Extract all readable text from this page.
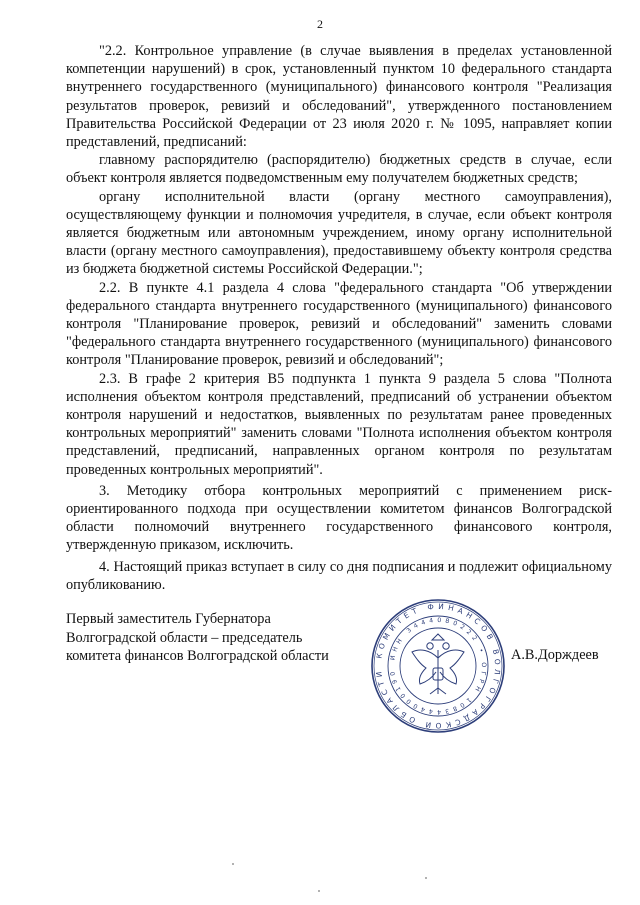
2

"2.2. Контрольное управление (в случае выявления в пределах установленной компетенции нарушений) в срок, установленный пунктом 10 федерального стандарта внутреннего государственного (муниципального) финансового контроля "Реализация результатов проверок, ревизий и обследований", утвержденного постановлением Правительства Российской Федерации от 23 июля 2020 г. № 1095, направляет копии представлений, предписаний:

главному распорядителю (распорядителю) бюджетных средств в случае, если объект контроля является подведомственным ему получателем бюджетных средств;

органу исполнительной власти (органу местного самоуправления), осуществляющему функции и полномочия учредителя, в случае, если объект контроля является бюджетным или автономным учреждением, иному органу исполнительной власти (органу местного самоуправления), предоставившему объекту контроля средства из бюджета бюджетной системы Российской Федерации.";

2.2. В пункте 4.1 раздела 4 слова "федерального стандарта "Об утверждении федерального стандарта внутреннего государственного (муниципального) финансового контроля "Планирование проверок, ревизий и обследований" заменить словами "федерального стандарта внутреннего государственного (муниципального) финансового контроля "Планирование проверок, ревизий и обследований";

2.3. В графе 2 критерия В5 подпункта 1 пункта 9 раздела 5 слова "Полнота исполнения объектом контроля представлений, предписаний об устранении объектом контроля нарушений и недостатков, выявленных по результатам ранее проведенных контрольных мероприятий" заменить словами "Полнота исполнения объектом контроля представлений, предписаний, направленных органом контроля по результатам проведенных контрольных мероприятий".

3. Методику отбора контрольных мероприятий с применением риск-ориентированного подхода при осуществлении комитетом финансов Волгоградской области полномочий внутреннего государственного финансового контроля, утвержденную приказом, исключить.

4. Настоящий приказ вступает в силу со дня подписания и подлежит официальному опубликованию.

Первый заместитель Губернатора
Волгоградской области – председатель
комитета финансов Волгоградской области	КОМИТЕТ ФИНАНСОВ ВОЛГОГРАДСКОЙ ОБЛАСТИ
ИНН 3444080222 • ОГРН 1083444000190
А.В.Дорждеев
